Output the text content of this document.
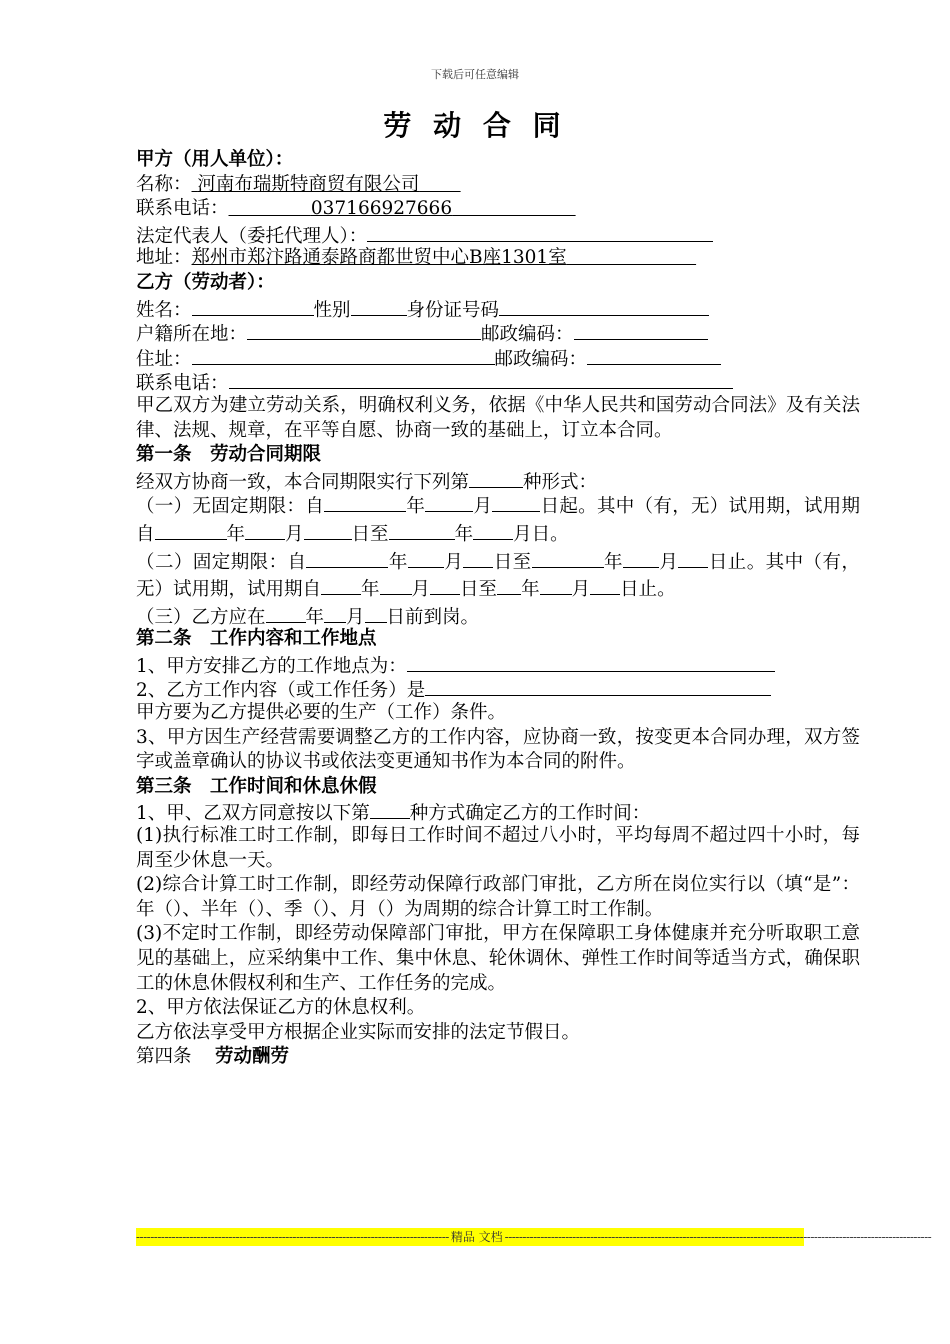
下载后可任意编辑
劳 动 合 同
甲方（用人单位）：
名称： 河南布瑞斯特商贸有限公司
联系电话：	037166927666
法定代表人（委托代理人）：
地址：郑州市郑汴路通泰路商都世贸中心B座1301室
乙方（劳动者）：
姓名：	性别	身份证号码
户籍所在地：	邮政编码：
住址：	邮政编码：
联系电话：
甲乙双方为建立劳动关系，明确权利义务，依据《中华人民共和国劳动合同法》及有关法律、法规、规章，在平等自愿、协商一致的基础上，订立本合同。
第一条　劳动合同期限
经双方协商一致，本合同期限实行下列第	种形式：
（一）无固定期限：自	年	月	日起。其中（有，无）试用期，试用期自	年 月	日至	年 月日。
（二）固定期限：自	年 月 日至	年 月 日止。其中（有，无）试用期，试用期自 年 月 日至 年 月 日止。
（三）乙方应在 年 月 日前到岗。
第二条　工作内容和工作地点
1、甲方安排乙方的工作地点为：
2、乙方工作内容（或工作任务）是
甲方要为乙方提供必要的生产（工作）条件。
3、甲方因生产经营需要调整乙方的工作内容，应协商一致，按变更本合同办理，双方签字或盖章确认的协议书或依法变更通知书作为本合同的附件。
第三条　工作时间和休息休假
1、甲、乙双方同意按以下第 种方式确定乙方的工作时间：
(1)执行标准工时工作制，即每日工作时间不超过八小时，平均每周不超过四十小时，每周至少休息一天。
(2)综合计算工时工作制，即经劳动保障行政部门审批，乙方所在岗位实行以（填“是”：年（）、半年（）、季（）、月（）为周期的综合计算工时工作制。
(3)不定时工作制，即经劳动保障部门审批，甲方在保障职工身体健康并充分听取职工意见的基础上，应采纳集中工作、集中休息、轮休调休、弹性工作时间等适当方式，确保职工的休息休假权利和生产、工作任务的完成。
2、甲方依法保证乙方的休息权利。
乙方依法享受甲方根据企业实际而安排的法定节假日。
第四条 劳动酬劳
---------------------------------------------------------------------------------------- 精品 文档 ------------------------------------------------------------------------------------------------------------------------
